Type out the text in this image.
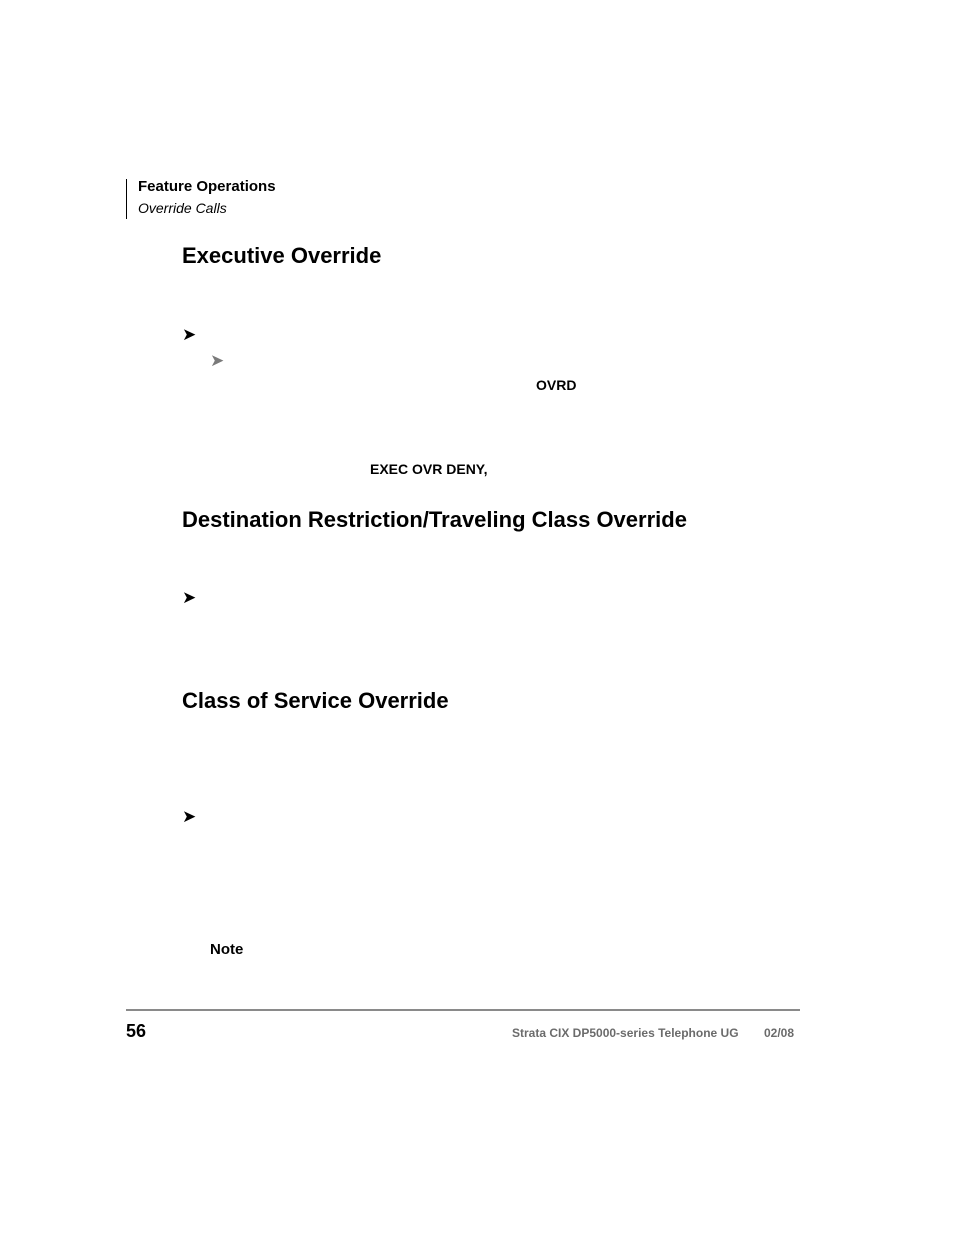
Feature Operations
Override Calls
Executive Override
➤
➤
OVRD
EXEC OVR DENY,
Destination Restriction/Traveling Class Override
➤
Class of Service Override
➤
Note
56	Strata CIX DP5000-series Telephone UG 02/08
